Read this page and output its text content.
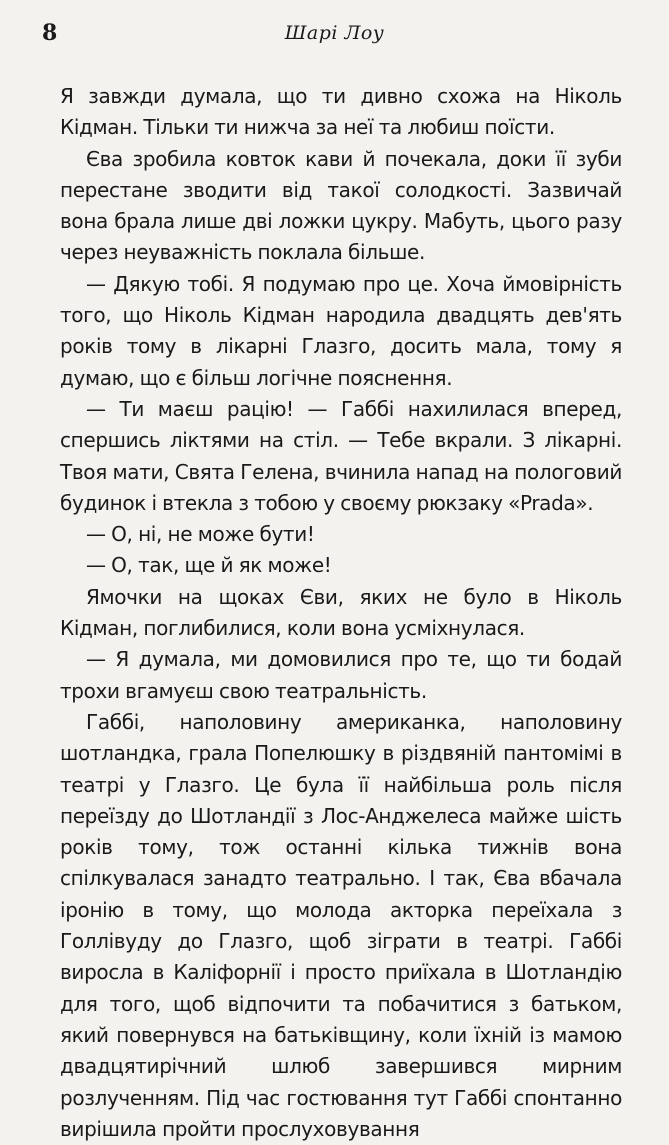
8	Шарі Лоу

Я завжди думала, що ти дивно схожа на Ніколь Кідман. Тільки ти нижча за неї та любиш поїсти.

Єва зробила ковток кави й почекала, доки її зуби перестане зводити від такої солодкості. Зазвичай вона брала лише дві ложки цукру. Мабуть, цього разу через неуважність поклала більше.

— Дякую тобі. Я подумаю про це. Хоча ймовірність того, що Ніколь Кідман народила двадцять дев'ять років тому в лікарні Глазго, досить мала, тому я думаю, що є більш логічне пояснення.

— Ти маєш рацію! — Габбі нахилилася вперед, спершись ліктями на стіл. — Тебе вкрали. З лікарні. Твоя мати, Свята Гелена, вчинила напад на пологовий будинок і втекла з тобою у своєму рюкзаку «Prada».

— О, ні, не може бути!

— О, так, ще й як може!

Ямочки на щоках Єви, яких не було в Ніколь Кідман, поглибилися, коли вона усміхнулася.

— Я думала, ми домовилися про те, що ти бодай трохи вгамуєш свою театральність.

Габбі, наполовину американка, наполовину шотландка, грала Попелюшку в різдвяній пантомімі в театрі у Глазго. Це була її найбільша роль після переїзду до Шотландії з Лос-Анджелеса майже шість років тому, тож останні кілька тижнів вона спілкувалася занадто театрально. І так, Єва вбачала іронію в тому, що молода акторка переїхала з Голлівуду до Глазго, щоб зіграти в театрі. Габбі виросла в Каліфорнії і просто приїхала в Шотландію для того, щоб відпочити та побачитися з батьком, який повернувся на батьківщину, коли їхній із мамою двадцятирічний шлюб завершився мирним розлученням. Під час гостювання тут Габбі спонтанно вирішила пройти прослуховування
